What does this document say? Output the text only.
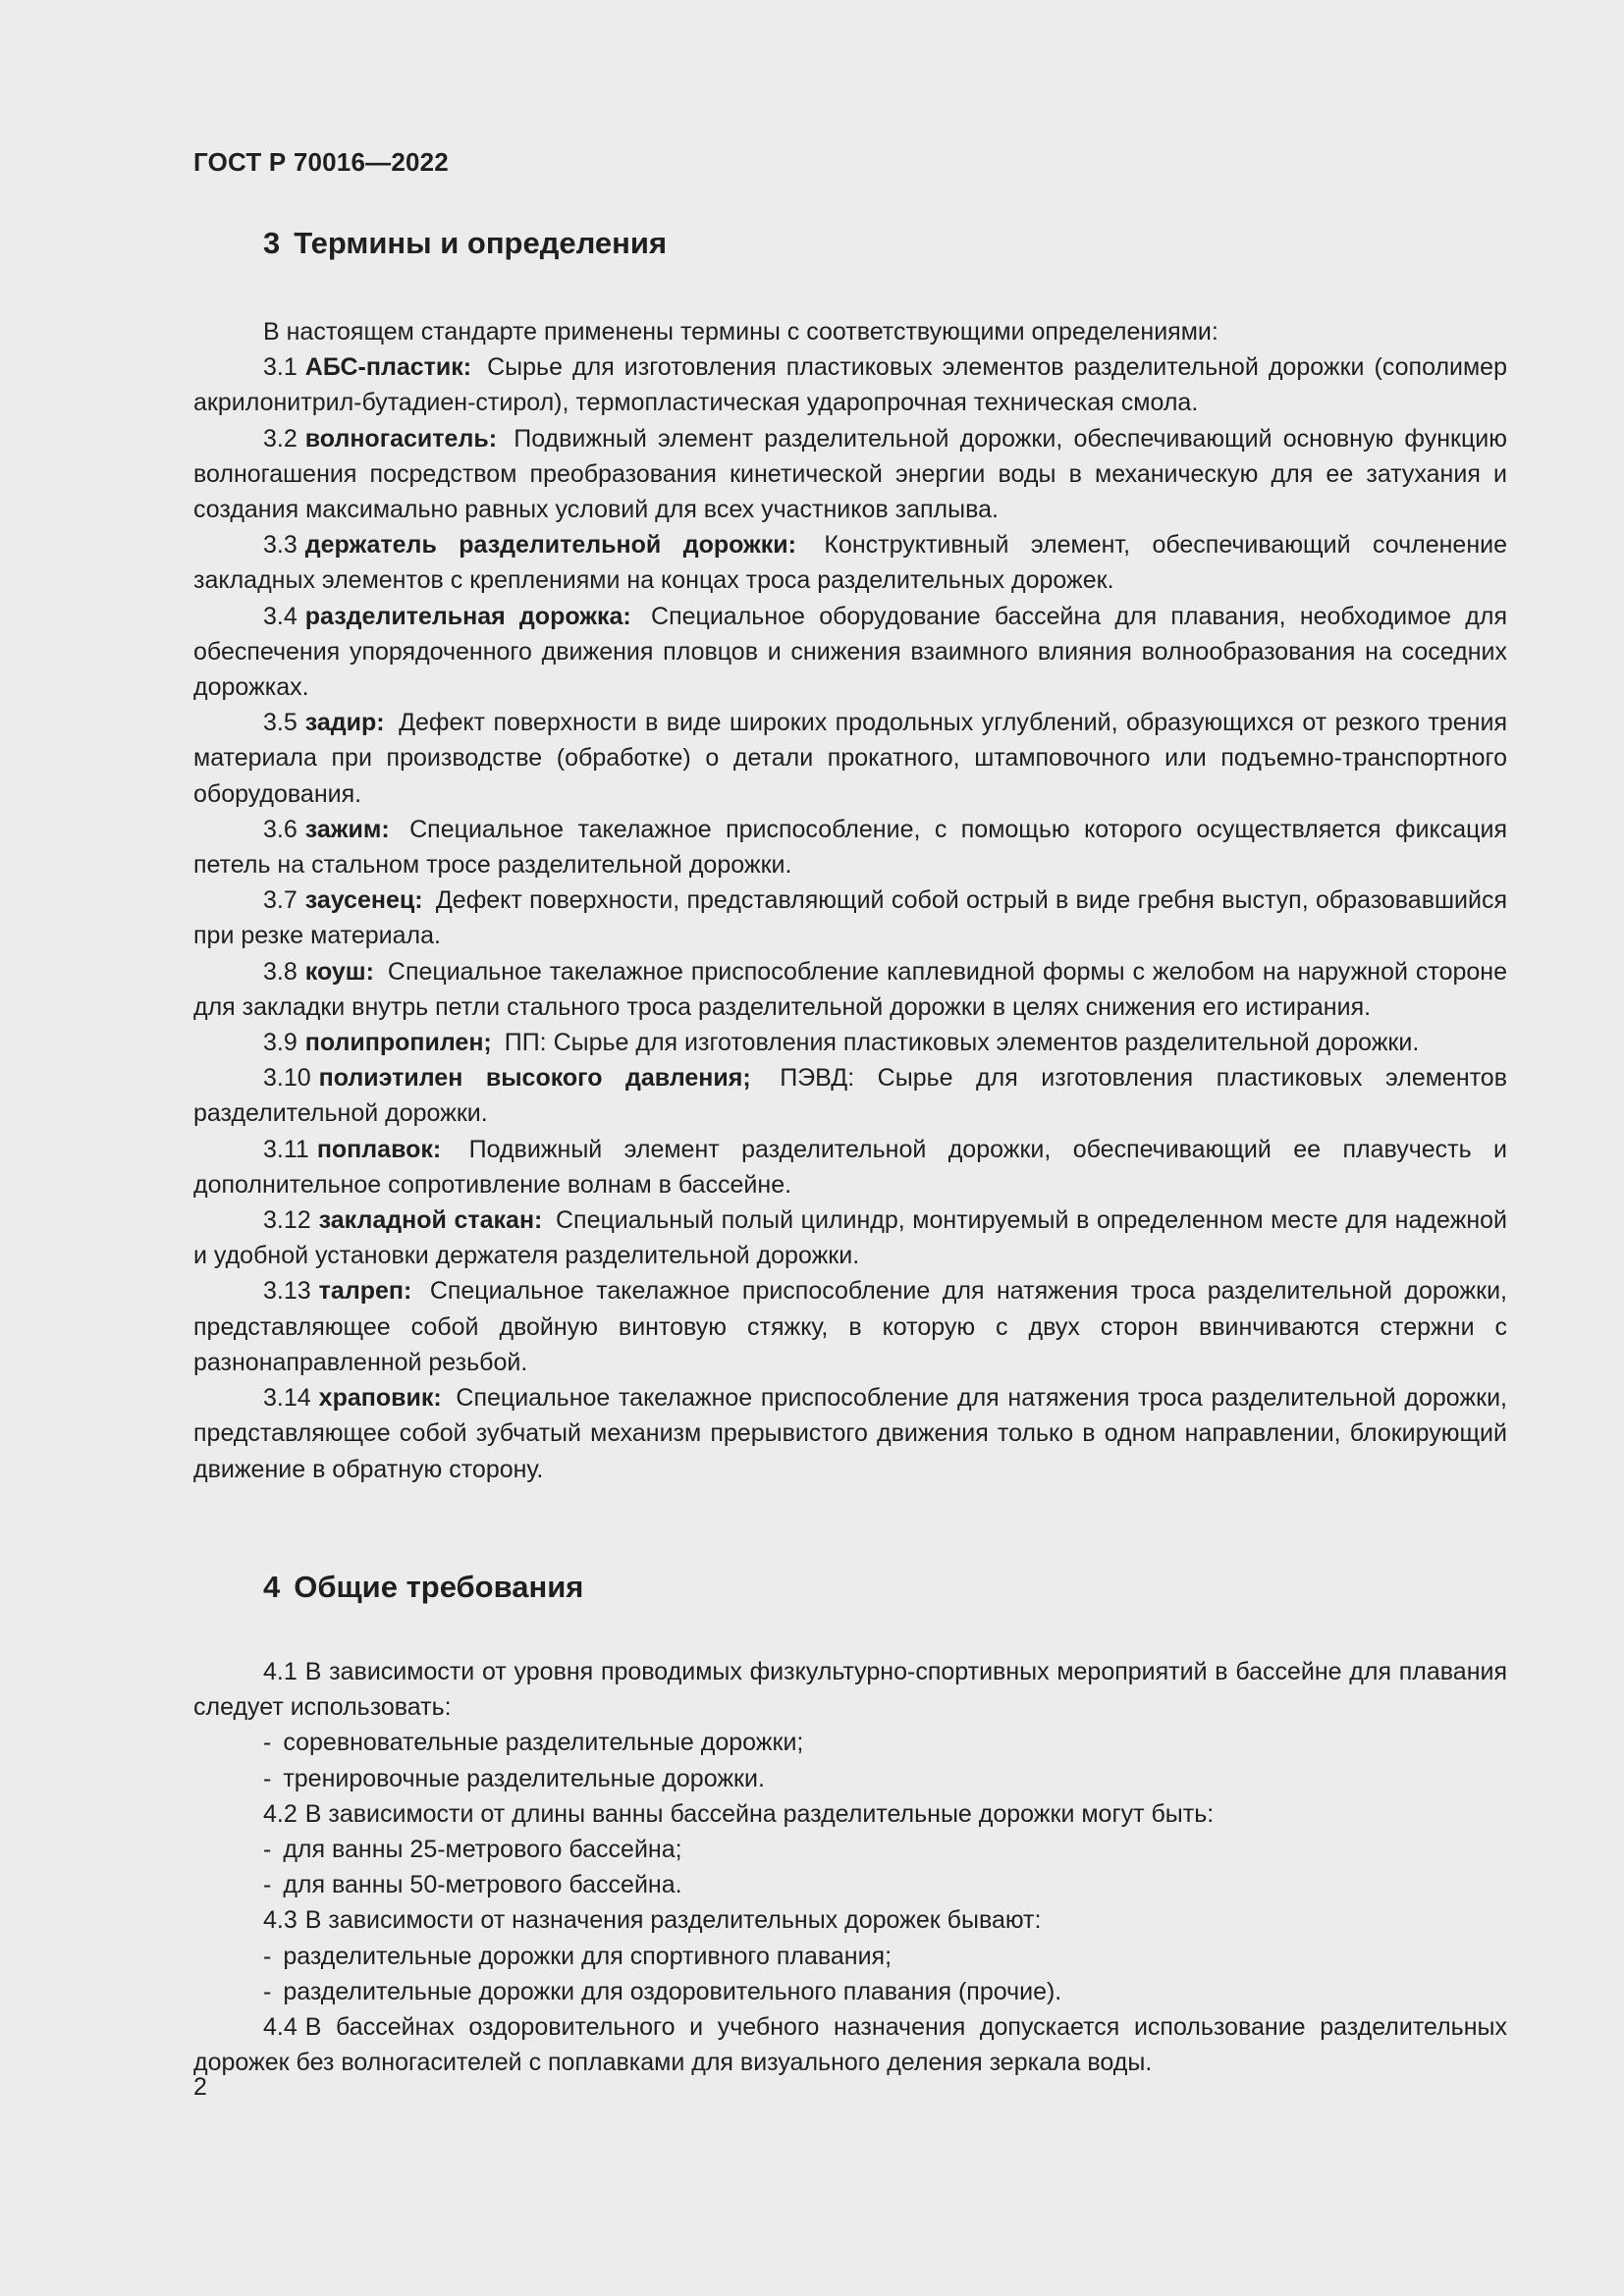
ГОСТ Р 70016—2022
3 Термины и определения

В настоящем стандарте применены термины с соответствующими определениями:

3.1 АБС-пластик: Сырье для изготовления пластиковых элементов разделительной дорожки (сополимер акрилонитрил-бутадиен-стирол), термопластическая ударопрочная техническая смола.

3.2 волногаситель: Подвижный элемент разделительной дорожки, обеспечивающий основную функцию волногашения посредством преобразования кинетической энергии воды в механическую для ее затухания и создания максимально равных условий для всех участников заплыва.

3.3 держатель разделительной дорожки: Конструктивный элемент, обеспечивающий сочленение закладных элементов с креплениями на концах троса разделительных дорожек.

3.4 разделительная дорожка: Специальное оборудование бассейна для плавания, необходимое для обеспечения упорядоченного движения пловцов и снижения взаимного влияния волнообразования на соседних дорожках.

3.5 задир: Дефект поверхности в виде широких продольных углублений, образующихся от резкого трения материала при производстве (обработке) о детали прокатного, штамповочного или подъемно-транспортного оборудования.

3.6 зажим: Специальное такелажное приспособление, с помощью которого осуществляется фиксация петель на стальном тросе разделительной дорожки.

3.7 заусенец: Дефект поверхности, представляющий собой острый в виде гребня выступ, образовавшийся при резке материала.

3.8 коуш: Специальное такелажное приспособление каплевидной формы с желобом на наружной стороне для закладки внутрь петли стального троса разделительной дорожки в целях снижения его истирания.

3.9 полипропилен; ПП: Сырье для изготовления пластиковых элементов разделительной дорожки.

3.10 полиэтилен высокого давления; ПЭВД: Сырье для изготовления пластиковых элементов разделительной дорожки.

3.11 поплавок: Подвижный элемент разделительной дорожки, обеспечивающий ее плавучесть и дополнительное сопротивление волнам в бассейне.

3.12 закладной стакан: Специальный полый цилиндр, монтируемый в определенном месте для надежной и удобной установки держателя разделительной дорожки.

3.13 талреп: Специальное такелажное приспособление для натяжения троса разделительной дорожки, представляющее собой двойную винтовую стяжку, в которую с двух сторон ввинчиваются стержни с разнонаправленной резьбой.

3.14 храповик: Специальное такелажное приспособление для натяжения троса разделительной дорожки, представляющее собой зубчатый механизм прерывистого движения только в одном направлении, блокирующий движение в обратную сторону.

4 Общие требования

4.1 В зависимости от уровня проводимых физкультурно-спортивных мероприятий в бассейне для плавания следует использовать:

- соревновательные разделительные дорожки;

- тренировочные разделительные дорожки.

4.2 В зависимости от длины ванны бассейна разделительные дорожки могут быть:

- для ванны 25-метрового бассейна;

- для ванны 50-метрового бассейна.

4.3 В зависимости от назначения разделительных дорожек бывают:

- разделительные дорожки для спортивного плавания;

- разделительные дорожки для оздоровительного плавания (прочие).

4.4 В бассейнах оздоровительного и учебного назначения допускается использование разделительных дорожек без волногасителей с поплавками для визуального деления зеркала воды.

2
